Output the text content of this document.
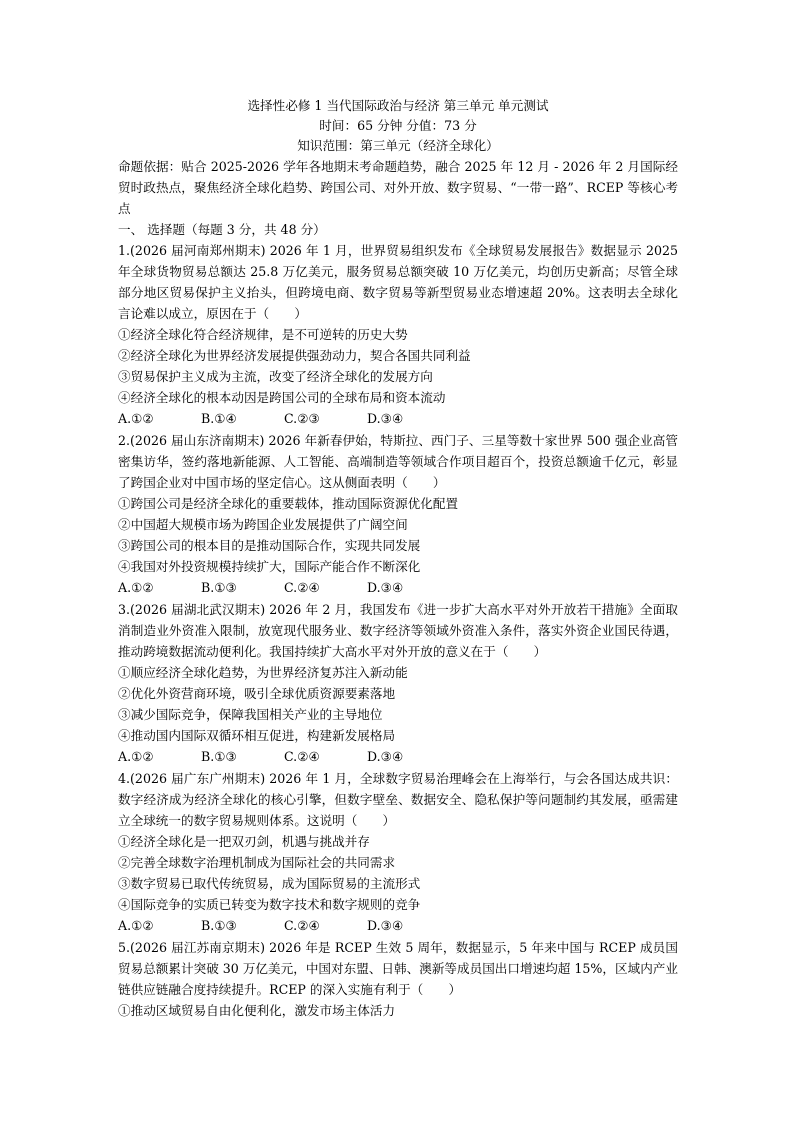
选择性必修 1 当代国际政治与经济 第三单元 单元测试
时间：65 分钟 分值：73 分
知识范围：第三单元（经济全球化）
命题依据：贴合 2025-2026 学年各地期末考命题趋势，融合 2025 年 12 月 - 2026 年 2 月国际经贸时政热点，聚焦经济全球化趋势、跨国公司、对外开放、数字贸易、“一带一路”、RCEP 等核心考点
一、 选择题（每题 3 分，共 48 分）
1.(2026 届河南郑州期末) 2026 年 1 月，世界贸易组织发布《全球贸易发展报告》数据显示 2025 年全球货物贸易总额达 25.8 万亿美元，服务贸易总额突破 10 万亿美元，均创历史新高；尽管全球部分地区贸易保护主义抬头，但跨境电商、数字贸易等新型贸易业态增速超 20%。这表明去全球化言论难以成立，原因在于（　　）
①经济全球化符合经济规律，是不可逆转的历史大势
②经济全球化为世界经济发展提供强劲动力，契合各国共同利益
③贸易保护主义成为主流，改变了经济全球化的发展方向
④经济全球化的根本动因是跨国公司的全球布局和资本流动
A.①②	B.①④	C.②③	D.③④
2.(2026 届山东济南期末) 2026 年新春伊始，特斯拉、西门子、三星等数十家世界 500 强企业高管密集访华，签约落地新能源、人工智能、高端制造等领域合作项目超百个，投资总额逾千亿元，彰显了跨国企业对中国市场的坚定信心。这从侧面表明（　　）
①跨国公司是经济全球化的重要载体，推动国际资源优化配置
②中国超大规模市场为跨国企业发展提供了广阔空间
③跨国公司的根本目的是推动国际合作，实现共同发展
④我国对外投资规模持续扩大，国际产能合作不断深化
A.①②	B.①③	C.②④	D.③④
3.(2026 届湖北武汉期末) 2026 年 2 月，我国发布《进一步扩大高水平对外开放若干措施》全面取消制造业外资准入限制，放宽现代服务业、数字经济等领域外资准入条件，落实外资企业国民待遇，推动跨境数据流动便利化。我国持续扩大高水平对外开放的意义在于（　　）
①顺应经济全球化趋势，为世界经济复苏注入新动能
②优化外资营商环境，吸引全球优质资源要素落地
③减少国际竞争，保障我国相关产业的主导地位
④推动国内国际双循环相互促进，构建新发展格局
A.①②	B.①③	C.②④	D.③④
4.(2026 届广东广州期末) 2026 年 1 月，全球数字贸易治理峰会在上海举行，与会各国达成共识：数字经济成为经济全球化的核心引擎，但数字壁垒、数据安全、隐私保护等问题制约其发展，亟需建立全球统一的数字贸易规则体系。这说明（　　）
①经济全球化是一把双刃剑，机遇与挑战并存
②完善全球数字治理机制成为国际社会的共同需求
③数字贸易已取代传统贸易，成为国际贸易的主流形式
④国际竞争的实质已转变为数字技术和数字规则的竞争
A.①②	B.①③	C.②④	D.③④
5.(2026 届江苏南京期末) 2026 年是 RCEP 生效 5 周年，数据显示，5 年来中国与 RCEP 成员国贸易总额累计突破 30 万亿美元，中国对东盟、日韩、澳新等成员国出口增速均超 15%，区域内产业链供应链融合度持续提升。RCEP 的深入实施有利于（　　）
①推动区域贸易自由化便利化，激发市场主体活力
